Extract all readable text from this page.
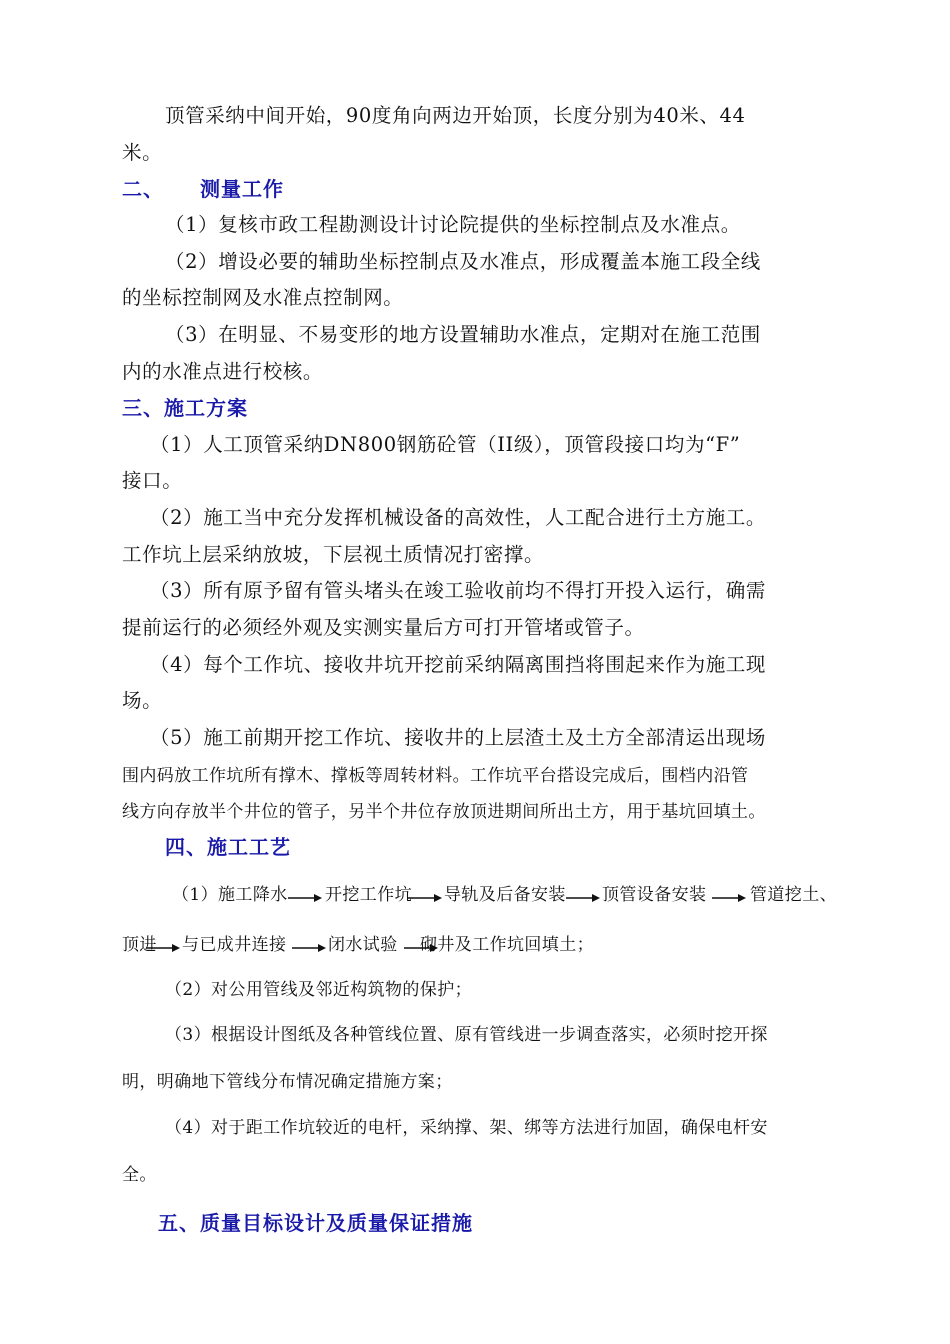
顶管采纳中间开始，90度角向两边开始顶，长度分别为40米、44
米。
二、 测量工作
（1）复核市政工程勘测设计讨论院提供的坐标控制点及水准点。
（2）增设必要的辅助坐标控制点及水准点，形成覆盖本施工段全线
的坐标控制网及水准点控制网。
（3）在明显、不易变形的地方设置辅助水准点，定期对在施工范围
内的水准点进行校核。
三、施工方案
（1）人工顶管采纳DN800钢筋砼管（II级），顶管段接口均为“F”
接口。
（2）施工当中充分发挥机械设备的高效性，人工配合进行土方施工。
工作坑上层采纳放坡，下层视土质情况打密撑。
（3）所有原予留有管头堵头在竣工验收前均不得打开投入运行，确需
提前运行的必须经外观及实测实量后方可打开管堵或管子。
（4）每个工作坑、接收井坑开挖前采纳隔离围挡将围起来作为施工现
场。
（5）施工前期开挖工作坑、接收井的上层渣土及土方全部清运出现场
围内码放工作坑所有撑木、撑板等周转材料。工作坑平台搭设完成后，围档内沿管
线方向存放半个井位的管子，另半个井位存放顶进期间所出土方，用于基坑回填土。
四、施工工艺
（1）施工降水 开挖工作坑 导轨及后备安装 顶管设备安装	管道挖土、
顶进 与已成井连接 闭水试验 砌井及工作坑回填土；
（2）对公用管线及邻近构筑物的保护；
（3）根据设计图纸及各种管线位置、原有管线进一步调查落实，必须时挖开探
明，明确地下管线分布情况确定措施方案；
（4）对于距工作坑较近的电杆，采纳撑、架、绑等方法进行加固，确保电杆安
全。
五、质量目标设计及质量保证措施
